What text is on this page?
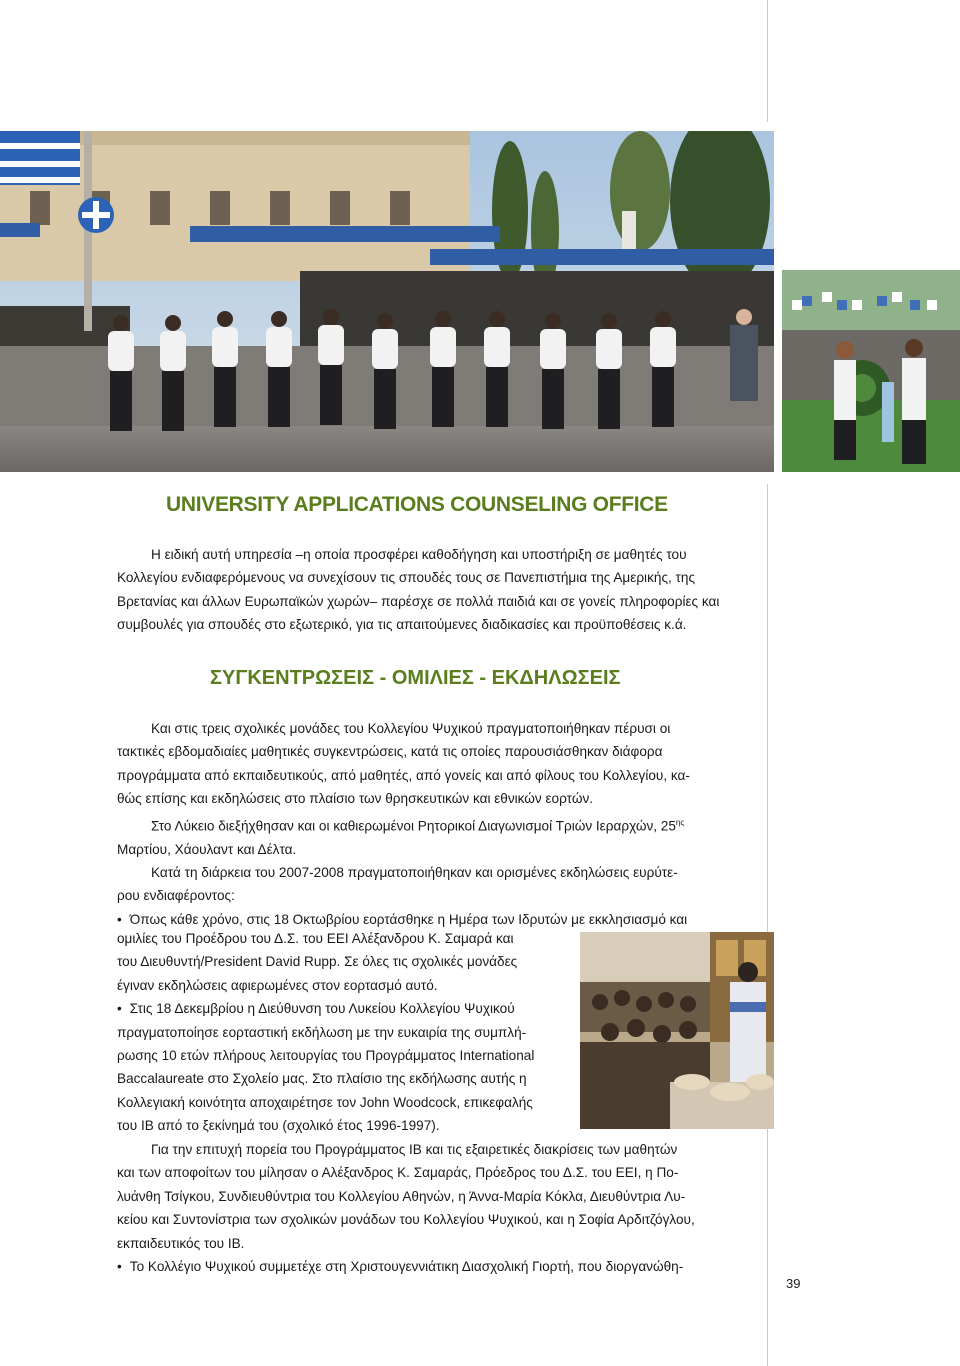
UNIVERSITY APPLICATIONS COUNSELING OFFICE

Η ειδική αυτή υπηρεσία –η οποία προσφέρει καθοδήγηση και υποστήριξη σε μαθητές του
Κολλεγίου ενδιαφερόμενους να συνεχίσουν τις σπουδές τους σε Πανεπιστήμια της Αμερικής, της
Βρετανίας και άλλων Ευρωπαϊκών χωρών– παρέσχε σε πολλά παιδιά και σε γονείς πληροφορίες και
συμβουλές για σπουδές στο εξωτερικό, για τις απαιτούμενες διαδικασίες και προϋποθέσεις κ.ά.

ΣΥΓΚΕΝΤΡΩΣΕΙΣ - ΟΜΙΛΙΕΣ - ΕΚΔΗΛΩΣΕΙΣ

Και στις τρεις σχολικές μονάδες του Κολλεγίου Ψυχικού πραγματοποιήθηκαν πέρυσι οι
τακτικές εβδομαδιαίες μαθητικές συγκεντρώσεις, κατά τις οποίες παρουσιάσθηκαν διάφορα
προγράμματα από εκπαιδευτικούς, από μαθητές, από γονείς και από φίλους του Κολλεγίου, κα-
θώς επίσης και εκδηλώσεις στο πλαίσιο των θρησκευτικών και εθνικών εορτών.
Στο Λύκειο διεξήχθησαν και οι καθιερωμένοι Ρητορικοί Διαγωνισμοί Τριών Ιεραρχών, $25^{\eta\varsigma}$
Μαρτίου, Χάουλαντ και Δέλτα.
Κατά τη διάρκεια του 2007-2008 πραγματοποιήθηκαν και ορισμένες εκδηλώσεις ευρύτε-
ρου ενδιαφέροντος:
• Όπως κάθε χρόνο, στις 18 Οκτωβρίου εορτάσθηκε η Ημέρα των Ιδρυτών με εκκλησιασμό και

ομιλίες του Προέδρου του Δ.Σ. του ΕΕΙ Αλέξανδρου Κ. Σαμαρά και
του Διευθυντή/President David Rupp. Σε όλες τις σχολικές μονάδες
έγιναν εκδηλώσεις αφιερωμένες στον εορτασμό αυτό.
• Στις 18 Δεκεμβρίου η Διεύθυνση του Λυκείου Κολλεγίου Ψυχικού
πραγματοποίησε εορταστική εκδήλωση με την ευκαιρία της συμπλή-
ρωσης 10 ετών πλήρους λειτουργίας του Προγράμματος International
Baccalaureate στο Σχολείο μας. Στο πλαίσιο της εκδήλωσης αυτής η
Κολλεγιακή κοινότητα αποχαιρέτησε τον John Woodcock, επικεφαλής
του ΙΒ από το ξεκίνημά του (σχολικό έτος 1996-1997).

Για την επιτυχή πορεία του Προγράμματος ΙΒ και τις εξαιρετικές διακρίσεις των μαθητών
και των αποφοίτων του μίλησαν ο Αλέξανδρος Κ. Σαμαράς, Πρόεδρος του Δ.Σ. του ΕΕΙ, η Πο-
λυάνθη Τσίγκου, Συνδιευθύντρια του Κολλεγίου Αθηνών, η Άννα-Μαρία Κόκλα, Διευθύντρια Λυ-
κείου και Συντονίστρια των σχολικών μονάδων του Κολλεγίου Ψυχικού, και η Σοφία Αρδιτζόγλου,
εκπαιδευτικός του ΙΒ.
• Το Κολλέγιο Ψυχικού συμμετέχε στη Χριστουγεννιάτικη Διασχολική Γιορτή, που διοργανώθη-

39
